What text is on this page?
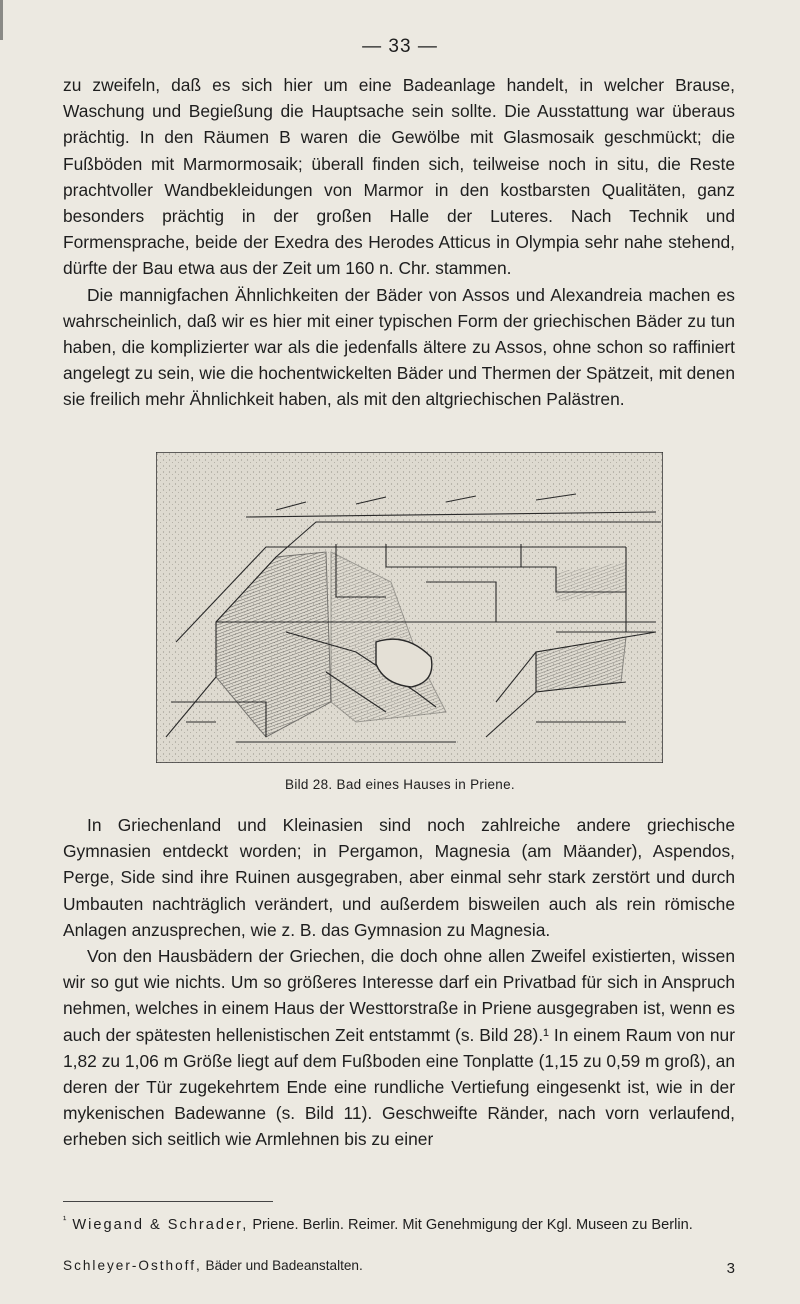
— 33 —

zu zweifeln, daß es sich hier um eine Badeanlage handelt, in welcher Brause, Waschung und Begießung die Hauptsache sein sollte. Die Ausstattung war überaus prächtig. In den Räumen B waren die Gewölbe mit Glasmosaik geschmückt; die Fußböden mit Marmormosaik; überall finden sich, teilweise noch in situ, die Reste prachtvoller Wandbekleidungen von Marmor in den kostbarsten Qualitäten, ganz besonders prächtig in der großen Halle der Luteres. Nach Technik und Formensprache, beide der Exedra des Herodes Atticus in Olympia sehr nahe stehend, dürfte der Bau etwa aus der Zeit um 160 n. Chr. stammen.

Die mannigfachen Ähnlichkeiten der Bäder von Assos und Alexandreia machen es wahrscheinlich, daß wir es hier mit einer typischen Form der griechischen Bäder zu tun haben, die komplizierter war als die jedenfalls ältere zu Assos, ohne schon so raffiniert angelegt zu sein, wie die hochentwickelten Bäder und Thermen der Spätzeit, mit denen sie freilich mehr Ähnlichkeit haben, als mit den altgriechischen Palästren.

Bild 28. Bad eines Hauses in Priene.

In Griechenland und Kleinasien sind noch zahlreiche andere griechische Gymnasien entdeckt worden; in Pergamon, Magnesia (am Mäander), Aspendos, Perge, Side sind ihre Ruinen ausgegraben, aber einmal sehr stark zerstört und durch Umbauten nachträglich verändert, und außerdem bisweilen auch als rein römische Anlagen anzusprechen, wie z. B. das Gymnasion zu Magnesia.

Von den Hausbädern der Griechen, die doch ohne allen Zweifel existierten, wissen wir so gut wie nichts. Um so größeres Interesse darf ein Privatbad für sich in Anspruch nehmen, welches in einem Haus der Westtorstraße in Priene ausgegraben ist, wenn es auch der spätesten hellenistischen Zeit entstammt (s. Bild 28).¹ In einem Raum von nur 1,82 zu 1,06 m Größe liegt auf dem Fußboden eine Tonplatte (1,15 zu 0,59 m groß), an deren der Tür zugekehrtem Ende eine rundliche Vertiefung eingesenkt ist, wie in der mykenischen Badewanne (s. Bild 11). Geschweifte Ränder, nach vorn verlaufend, erheben sich seitlich wie Armlehnen bis zu einer

$^{^1}$ Wiegand & Schrader, Priene. Berlin. Reimer. Mit Genehmigung der Kgl. Museen zu Berlin.
Schleyer-Osthoff, Bäder und Badeanstalten.	3
